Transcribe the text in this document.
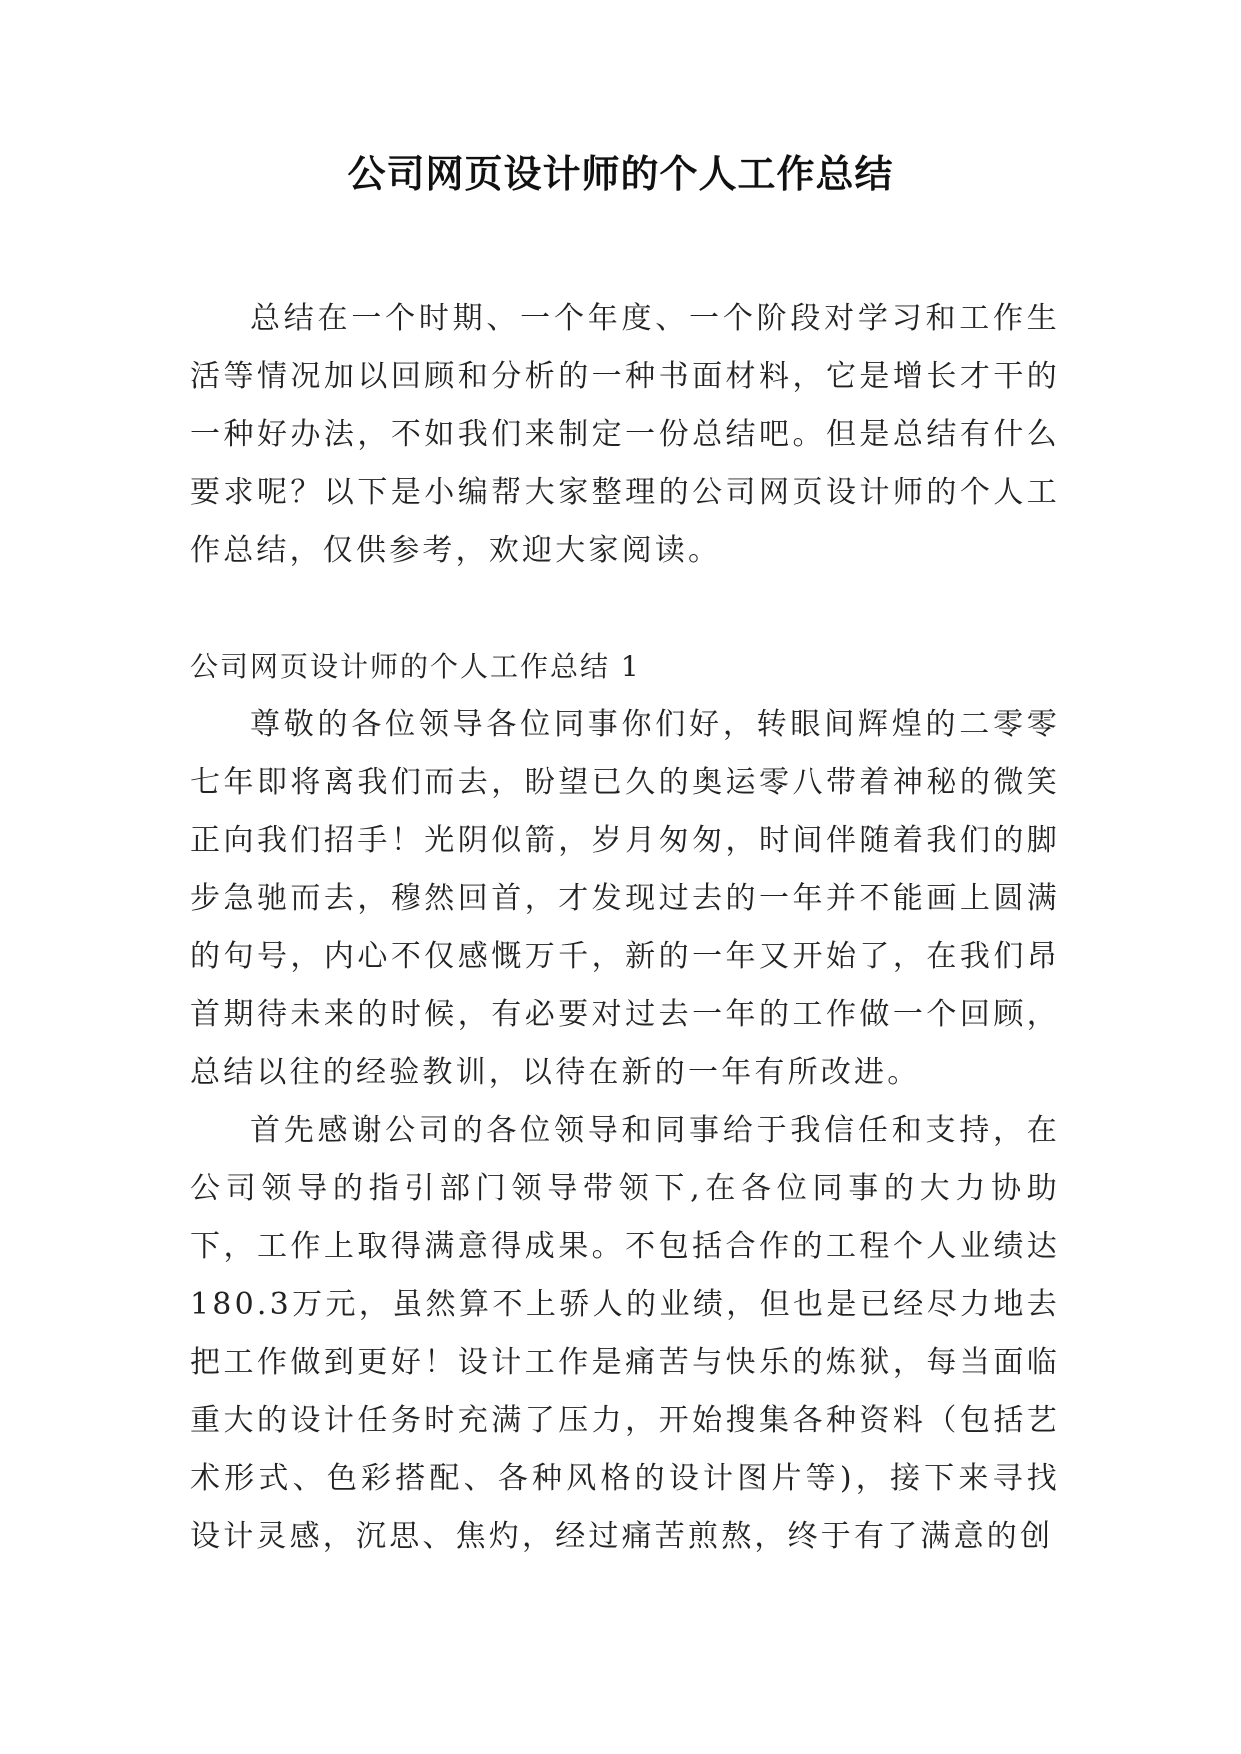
公司网页设计师的个人工作总结

总结在一个时期、一个年度、一个阶段对学习和工作生活等情况加以回顾和分析的一种书面材料，它是增长才干的一种好办法，不如我们来制定一份总结吧。但是总结有什么要求呢？以下是小编帮大家整理的公司网页设计师的个人工作总结，仅供参考，欢迎大家阅读。

公司网页设计师的个人工作总结 1

尊敬的各位领导各位同事你们好，转眼间辉煌的二零零七年即将离我们而去，盼望已久的奥运零八带着神秘的微笑正向我们招手！光阴似箭，岁月匆匆，时间伴随着我们的脚步急驰而去，穆然回首，才发现过去的一年并不能画上圆满的句号，内心不仅感慨万千，新的一年又开始了，在我们昂首期待未来的时候，有必要对过去一年的工作做一个回顾，总结以往的经验教训，以待在新的一年有所改进。

首先感谢公司的各位领导和同事给于我信任和支持，在公司领导的指引部门领导带领下,在各位同事的大力协助下，工作上取得满意得成果。不包括合作的工程个人业绩达180.3万元，虽然算不上骄人的业绩，但也是已经尽力地去把工作做到更好！设计工作是痛苦与快乐的炼狱，每当面临重大的设计任务时充满了压力，开始搜集各种资料（包括艺术形式、色彩搭配、各种风格的设计图片等)，接下来寻找设计灵感，沉思、焦灼，经过痛苦煎熬，终于有了满意的创
